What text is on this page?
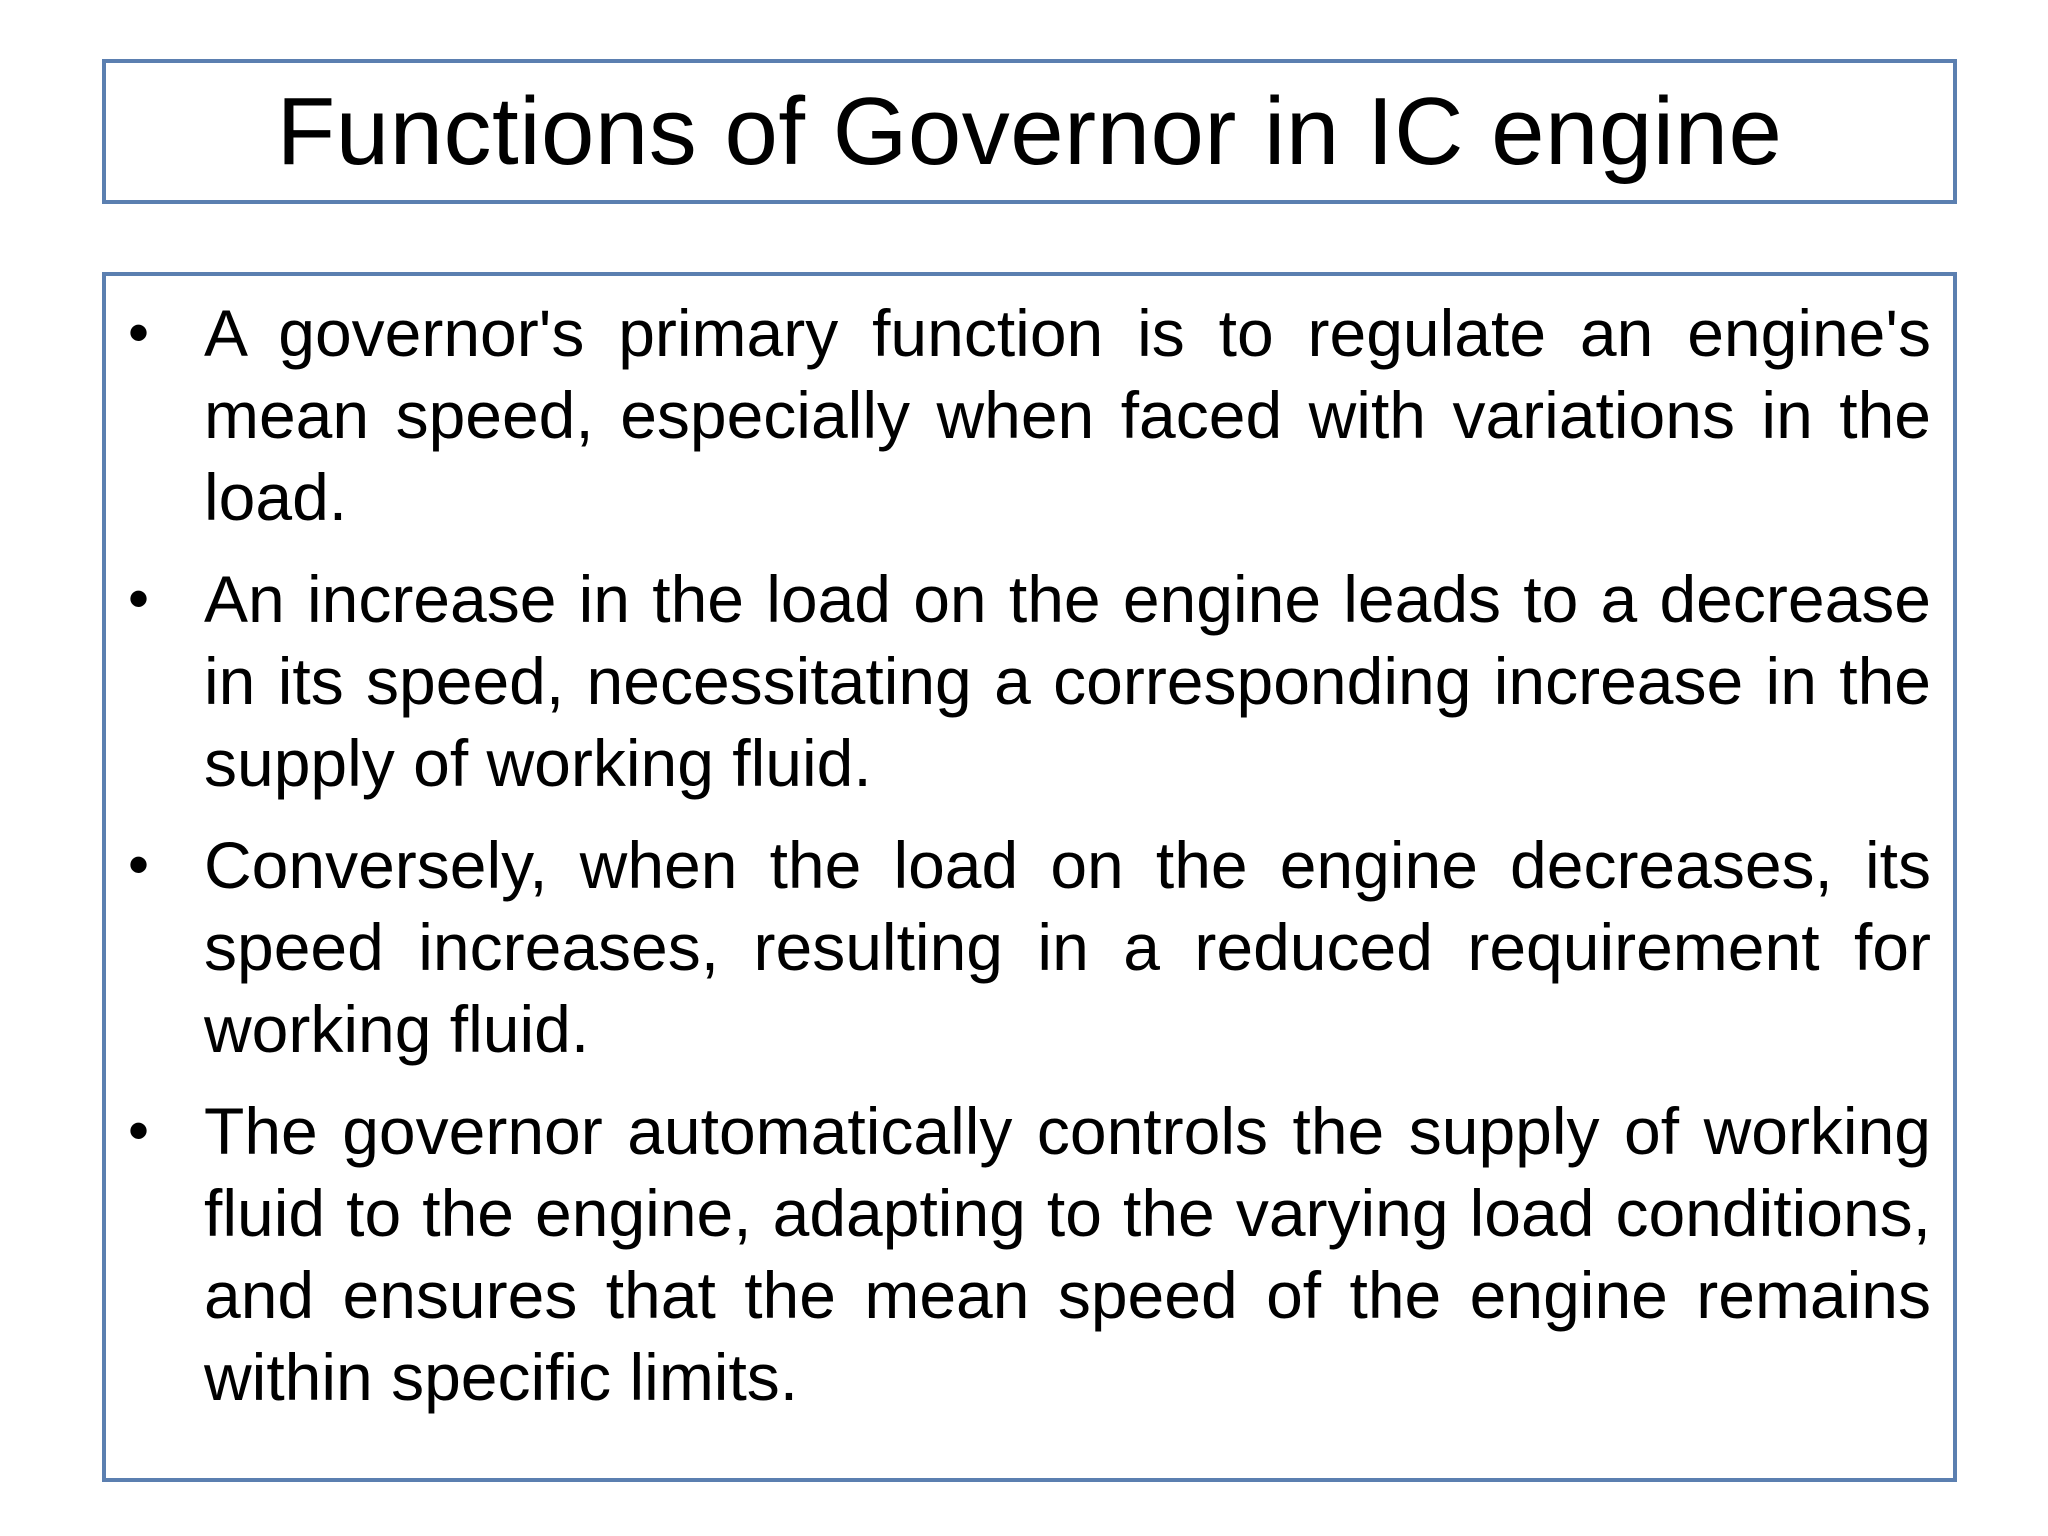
Functions of Governor in IC engine
• A governor's primary function is to regulate an engine's mean speed, especially when faced with variations in the load.
• An increase in the load on the engine leads to a decrease in its speed, necessitating a corresponding increase in the supply of working fluid.
• Conversely, when the load on the engine decreases, its speed increases, resulting in a reduced requirement for working fluid.
• The governor automatically controls the supply of working fluid to the engine, adapting to the varying load conditions, and ensures that the mean speed of the engine remains within specific limits.
